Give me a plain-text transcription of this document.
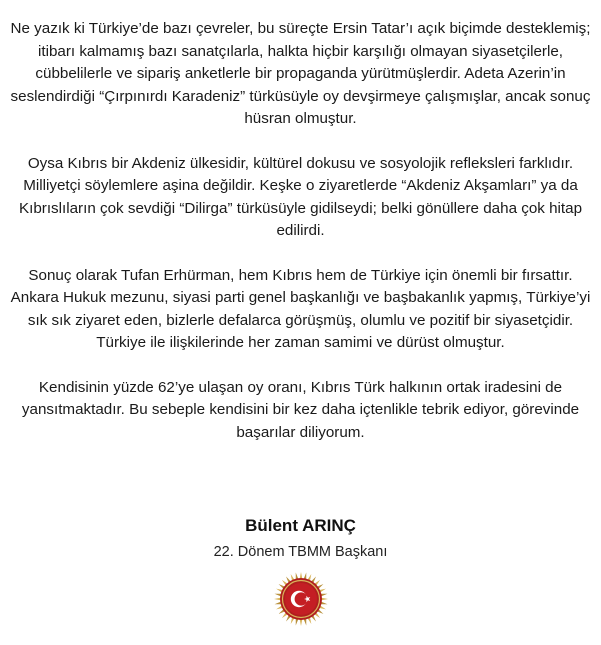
Ne yazık ki Türkiye’de bazı çevreler, bu süreçte Ersin Tatar’ı açık biçimde desteklemiş; itibarı kalmamış bazı sanatçılarla, halkta hiçbir karşılığı olmayan siyasetçilerle, cübbelilerle ve sipariş anketlerle bir propaganda yürütmüşlerdir. Adeta Azerin’in seslendirdiği “Çırpınırdı Karadeniz” türküsüyle oy devşirmeye çalışmışlar, ancak sonuç hüsran olmuştur.

Oysa Kıbrıs bir Akdeniz ülkesidir, kültürel dokusu ve sosyolojik refleksleri farklıdır. Milliyetçi söylemlere aşina değildir. Keşke o ziyaretlerde “Akdeniz Akşamları” ya da Kıbrıslıların çok sevdiği “Dilirga” türküsüyle gidilseydi; belki gönüllere daha çok hitap edilirdi.

Sonuç olarak Tufan Erhürman, hem Kıbrıs hem de Türkiye için önemli bir fırsattır. Ankara Hukuk mezunu, siyasi parti genel başkanlığı ve başbakanlık yapmış, Türkiye’yi sık sık ziyaret eden, bizlerle defalarca görüşmüş, olumlu ve pozitif bir siyasetçidir. Türkiye ile ilişkilerinde her zaman samimi ve dürüst olmuştur.

Kendisinin yüzde 62’ye ulaşan oy oranı, Kıbrıs Türk halkının ortak iradesini de yansıtmaktadır. Bu sebeple kendisini bir kez daha içtenlikle tebrik ediyor, görevinde başarılar diliyorum.

Bülent ARINÇ
22. Dönem TBMM Başkanı
